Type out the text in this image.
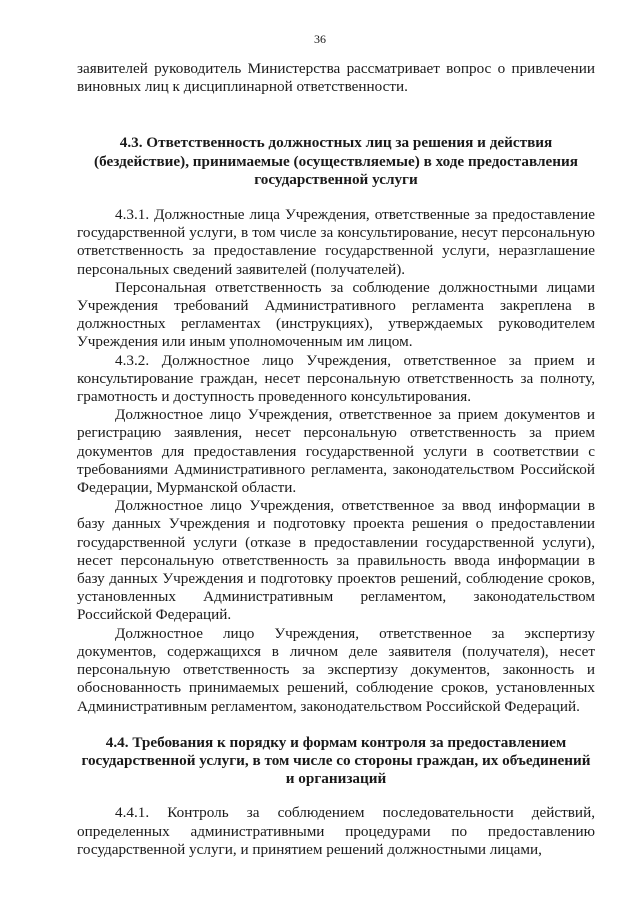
36

заявителей руководитель Министерства рассматривает вопрос о привлечении виновных лиц к дисциплинарной ответственности.

4.3. Ответственность должностных лиц за решения и действия (бездействие), принимаемые (осуществляемые) в ходе предоставления государственной услуги

4.3.1. Должностные лица Учреждения, ответственные за предоставление государственной услуги, в том числе за консультирование, несут персональную ответственность за предоставление государственной услуги, неразглашение персональных сведений заявителей (получателей).

Персональная ответственность за соблюдение должностными лицами Учреждения требований Административного регламента закреплена в должностных регламентах (инструкциях), утверждаемых руководителем Учреждения или иным уполномоченным им лицом.

4.3.2. Должностное лицо Учреждения, ответственное за прием и консультирование граждан, несет персональную ответственность за полноту, грамотность и доступность проведенного консультирования.

Должностное лицо Учреждения, ответственное за прием документов и регистрацию заявления, несет персональную ответственность за прием документов для предоставления государственной услуги в соответствии с требованиями Административного регламента, законодательством Российской Федерации, Мурманской области.

Должностное лицо Учреждения, ответственное за ввод информации в базу данных Учреждения и подготовку проекта решения о предоставлении государственной услуги (отказе в предоставлении государственной услуги), несет персональную ответственность за правильность ввода информации в базу данных Учреждения и подготовку проектов решений, соблюдение сроков, установленных Административным регламентом, законодательством Российской Федераций.

Должностное лицо Учреждения, ответственное за экспертизу документов, содержащихся в личном деле заявителя (получателя), несет персональную ответственность за экспертизу документов, законность и обоснованность принимаемых решений, соблюдение сроков, установленных Административным регламентом, законодательством Российской Федераций.

4.4. Требования к порядку и формам контроля за предоставлением государственной услуги, в том числе со стороны граждан, их объединений и организаций

4.4.1. Контроль за соблюдением последовательности действий, определенных административными процедурами по предоставлению государственной услуги, и принятием решений должностными лицами,
